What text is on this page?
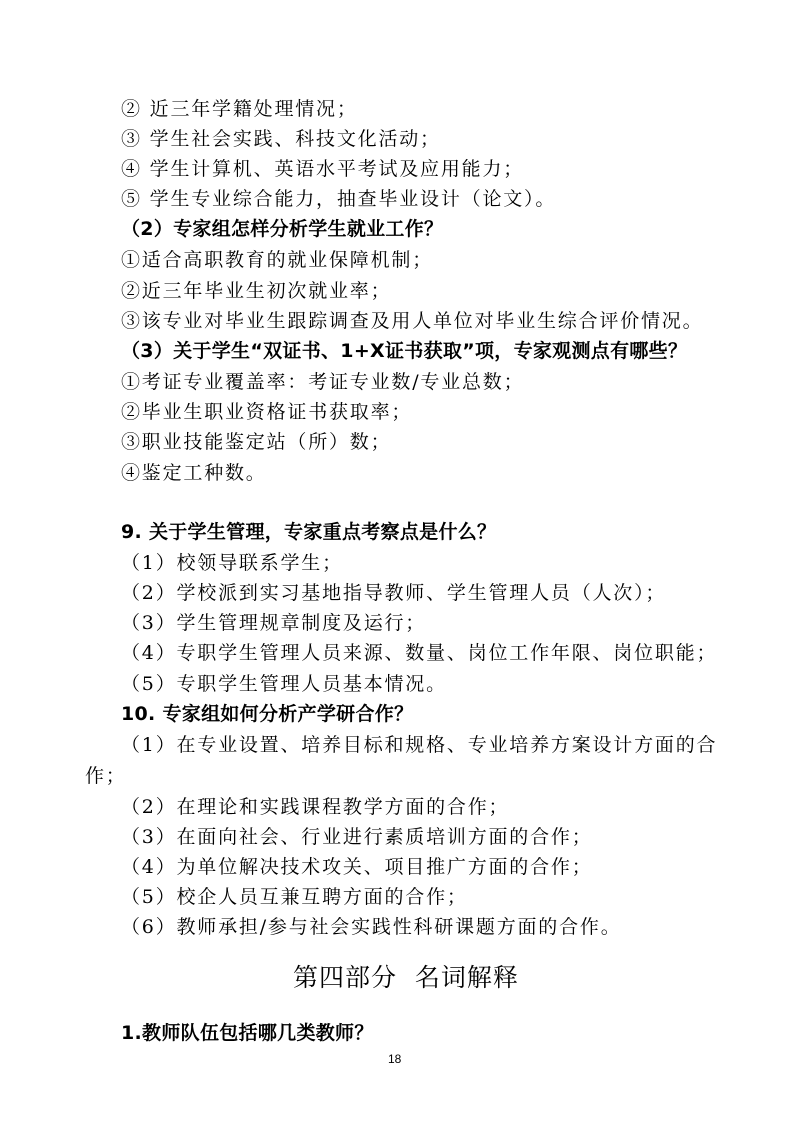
② 近三年学籍处理情况；
③ 学生社会实践、科技文化活动；
④ 学生计算机、英语水平考试及应用能力；
⑤ 学生专业综合能力，抽查毕业设计（论文）。
（2）专家组怎样分析学生就业工作？
①适合高职教育的就业保障机制；
②近三年毕业生初次就业率；
③该专业对毕业生跟踪调查及用人单位对毕业生综合评价情况。
（3）关于学生“双证书、1+X证书获取”项，专家观测点有哪些？
①考证专业覆盖率：考证专业数/专业总数；
②毕业生职业资格证书获取率；
③职业技能鉴定站（所）数；
④鉴定工种数。
9. 关于学生管理，专家重点考察点是什么？
（1）校领导联系学生；
（2）学校派到实习基地指导教师、学生管理人员（人次）；
（3）学生管理规章制度及运行；
（4）专职学生管理人员来源、数量、岗位工作年限、岗位职能；
（5）专职学生管理人员基本情况。
10. 专家组如何分析产学研合作？
（1）在专业设置、培养目标和规格、专业培养方案设计方面的合
作；
（2）在理论和实践课程教学方面的合作；
（3）在面向社会、行业进行素质培训方面的合作；
（4）为单位解决技术攻关、项目推广方面的合作；
（5）校企人员互兼互聘方面的合作；
（6）教师承担/参与社会实践性科研课题方面的合作。
第四部分  名词解释
1.教师队伍包括哪几类教师？
18
